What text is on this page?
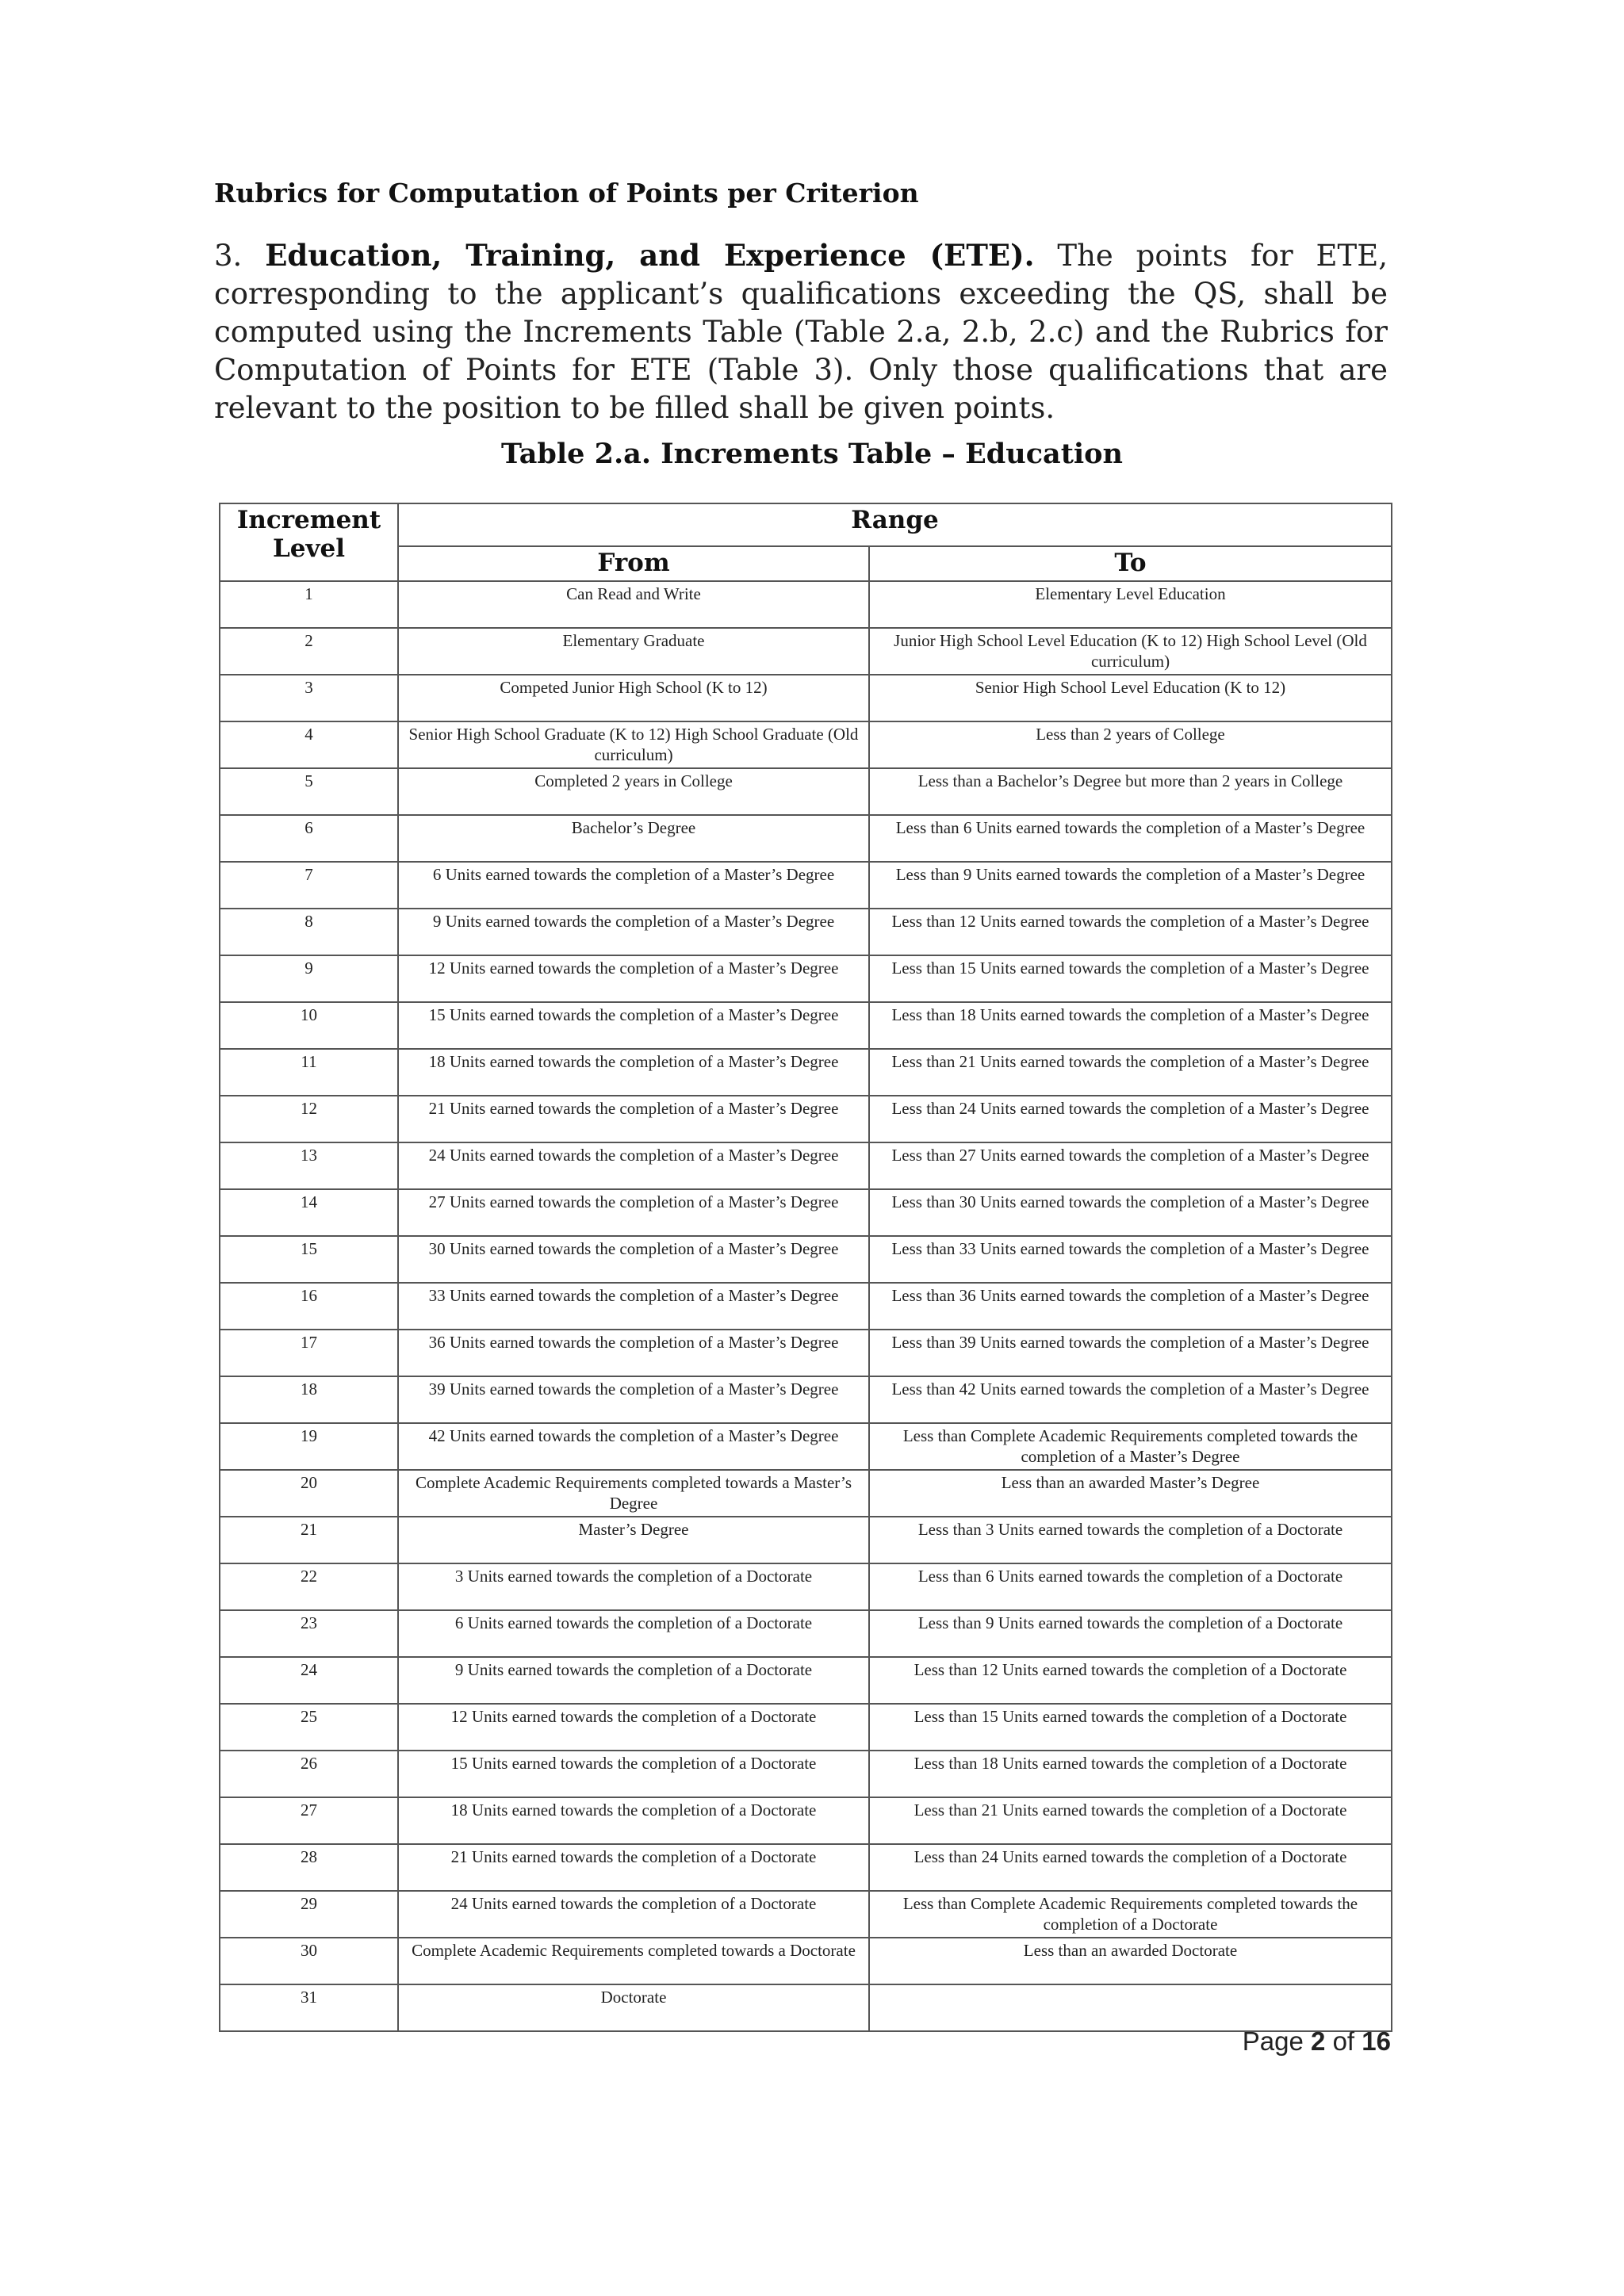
Rubrics for Computation of Points per Criterion
3. Education, Training, and Experience (ETE). The points for ETE, corresponding to the applicant’s qualifications exceeding the QS, shall be computed using the Increments Table (Table 2.a, 2.b, 2.c) and the Rubrics for Computation of Points for ETE (Table 3). Only those qualifications that are relevant to the position to be filled shall be given points.
Table 2.a. Increments Table – Education
Increment Level	Range	
	From	To
1	Can Read and Write	Elementary Level Education
2	Elementary Graduate	Junior High School Level Education (K to 12) High School Level (Old curriculum)
3	Competed Junior High School (K to 12)	Senior High School Level Education (K to 12)
4	Senior High School Graduate (K to 12) High School Graduate (Old curriculum)	Less than 2 years of College
5	Completed 2 years in College	Less than a Bachelor’s Degree but more than 2 years in College
6	Bachelor’s Degree	Less than 6 Units earned towards the completion of a Master’s Degree
7	6 Units earned towards the completion of a Master’s Degree	Less than 9 Units earned towards the completion of a Master’s Degree
8	9 Units earned towards the completion of a Master’s Degree	Less than 12 Units earned towards the completion of a Master’s Degree
9	12 Units earned towards the completion of a Master’s Degree	Less than 15 Units earned towards the completion of a Master’s Degree
10	15 Units earned towards the completion of a Master’s Degree	Less than 18 Units earned towards the completion of a Master’s Degree
11	18 Units earned towards the completion of a Master’s Degree	Less than 21 Units earned towards the completion of a Master’s Degree
12	21 Units earned towards the completion of a Master’s Degree	Less than 24 Units earned towards the completion of a Master’s Degree
13	24 Units earned towards the completion of a Master’s Degree	Less than 27 Units earned towards the completion of a Master’s Degree
14	27 Units earned towards the completion of a Master’s Degree	Less than 30 Units earned towards the completion of a Master’s Degree
15	30 Units earned towards the completion of a Master’s Degree	Less than 33 Units earned towards the completion of a Master’s Degree
16	33 Units earned towards the completion of a Master’s Degree	Less than 36 Units earned towards the completion of a Master’s Degree
17	36 Units earned towards the completion of a Master’s Degree	Less than 39 Units earned towards the completion of a Master’s Degree
18	39 Units earned towards the completion of a Master’s Degree	Less than 42 Units earned towards the completion of a Master’s Degree
19	42 Units earned towards the completion of a Master’s Degree	Less than Complete Academic Requirements completed towards the completion of a Master’s Degree
20	Complete Academic Requirements completed towards a Master’s Degree	Less than an awarded Master’s Degree
21	Master’s Degree	Less than 3 Units earned towards the completion of a Doctorate
22	3 Units earned towards the completion of a Doctorate	Less than 6 Units earned towards the completion of a Doctorate
23	6 Units earned towards the completion of a Doctorate	Less than 9 Units earned towards the completion of a Doctorate
24	9 Units earned towards the completion of a Doctorate	Less than 12 Units earned towards the completion of a Doctorate
25	12 Units earned towards the completion of a Doctorate	Less than 15 Units earned towards the completion of a Doctorate
26	15 Units earned towards the completion of a Doctorate	Less than 18 Units earned towards the completion of a Doctorate
27	18 Units earned towards the completion of a Doctorate	Less than 21 Units earned towards the completion of a Doctorate
28	21 Units earned towards the completion of a Doctorate	Less than 24 Units earned towards the completion of a Doctorate
29	24 Units earned towards the completion of a Doctorate	Less than Complete Academic Requirements completed towards the completion of a Doctorate
30	Complete Academic Requirements completed towards a Doctorate	Less than an awarded Doctorate
31	Doctorate	
Page 2 of 16
